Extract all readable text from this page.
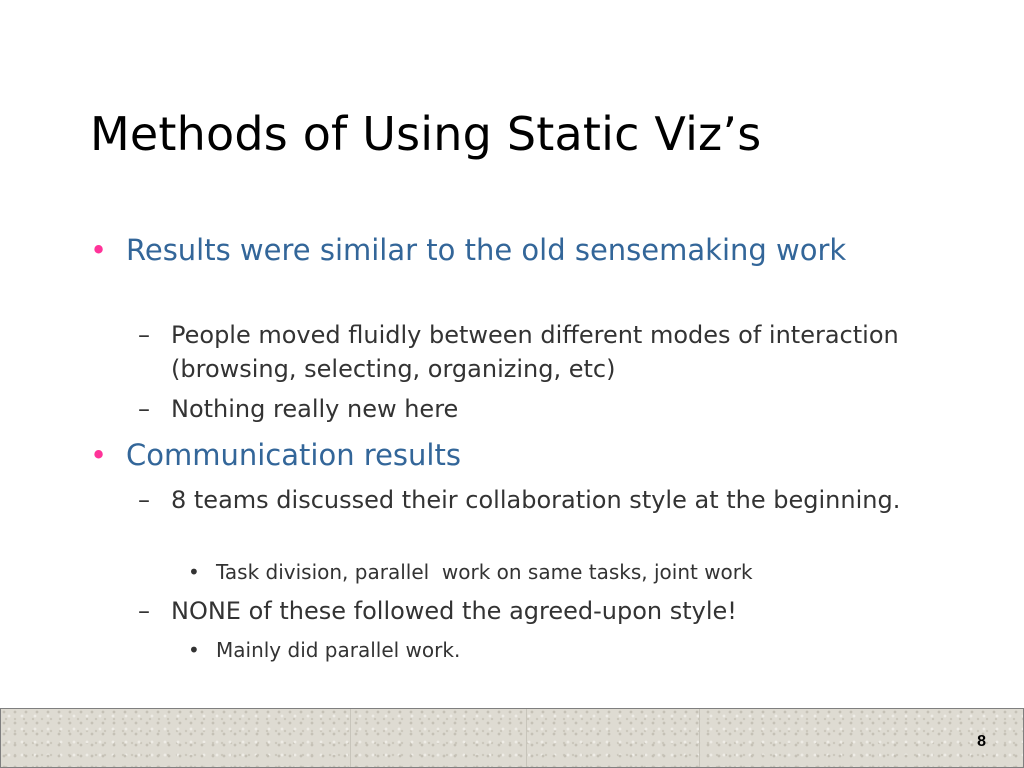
Methods of Using Static Viz’s
• Results were similar to the old sensemaking work
– People moved fluidly between different modes of interaction (browsing, selecting, organizing, etc)
– Nothing really new here
• Communication results
– 8 teams discussed their collaboration style at the beginning.
• Task division, parallel  work on same tasks, joint work
– NONE of these followed the agreed-upon style!
• Mainly did parallel work.
8
